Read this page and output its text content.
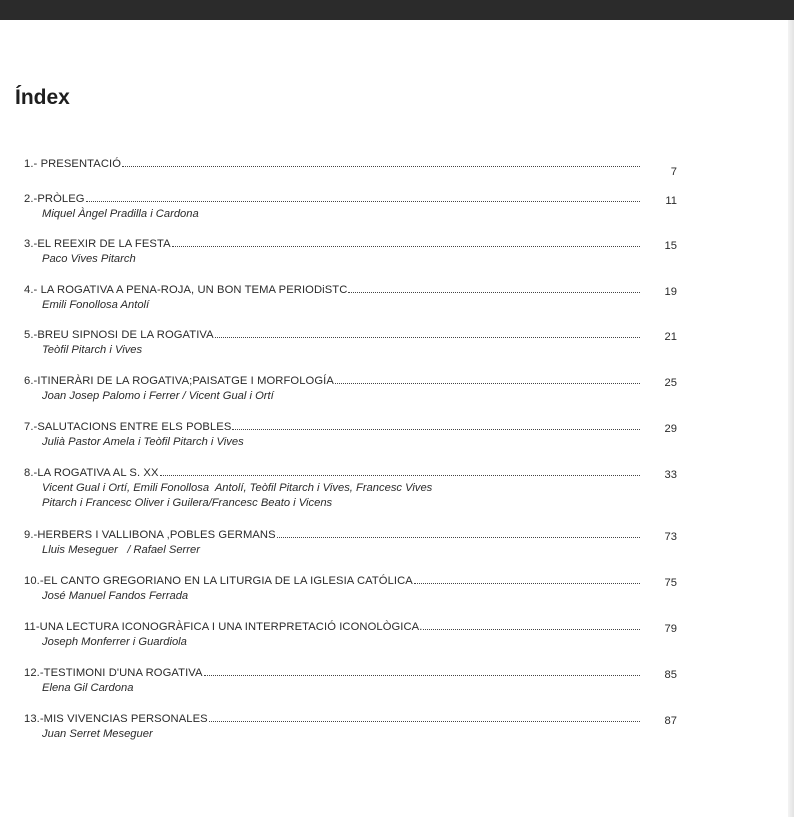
Índex
1.- PRESENTACIÓ
7
2.-PRÒLEG
Miquel Àngel Pradilla i Cardona
11
3.-EL REEXIR DE LA FESTA
Paco Vives Pitarch
15
4.- LA ROGATIVA A PENA-ROJA, UN BON TEMA PERIODiSTC
Emili Fonollosa Antolí
19
5.-BREU SIPNOSI DE LA ROGATIVA
Teòfil Pitarch i Vives
21
6.-ITINERÀRI DE LA ROGATIVA;PAISATGE I MORFOLOGÍA
Joan Josep Palomo i Ferrer / Vicent Gual i Ortí
25
7.-SALUTACIONS ENTRE ELS POBLES
Julià Pastor Amela i Teòfil Pitarch i Vives
29
8.-LA ROGATIVA AL S. XX
Vicent Gual i Ortí, Emili Fonollosa  Antolí, Teòfil Pitarch i Vives, Francesc Vives
Pitarch i Francesc Oliver i Guilera/Francesc Beato i Vicens
33
9.-HERBERS I VALLIBONA ,POBLES GERMANS
Lluis Meseguer   / Rafael Serrer
73
10.-EL CANTO GREGORIANO EN LA LITURGIA DE LA IGLESIA CATÓLICA
José Manuel Fandos Ferrada
75
11-UNA LECTURA ICONOGRÀFICA I UNA INTERPRETACIÓ ICONOLÒGICA.
Joseph Monferrer i Guardiola
79
12.-TESTIMONI D'UNA ROGATIVA
Elena Gil Cardona
85
13.-MIS VIVENCIAS PERSONALES
Juan Serret Meseguer
87
